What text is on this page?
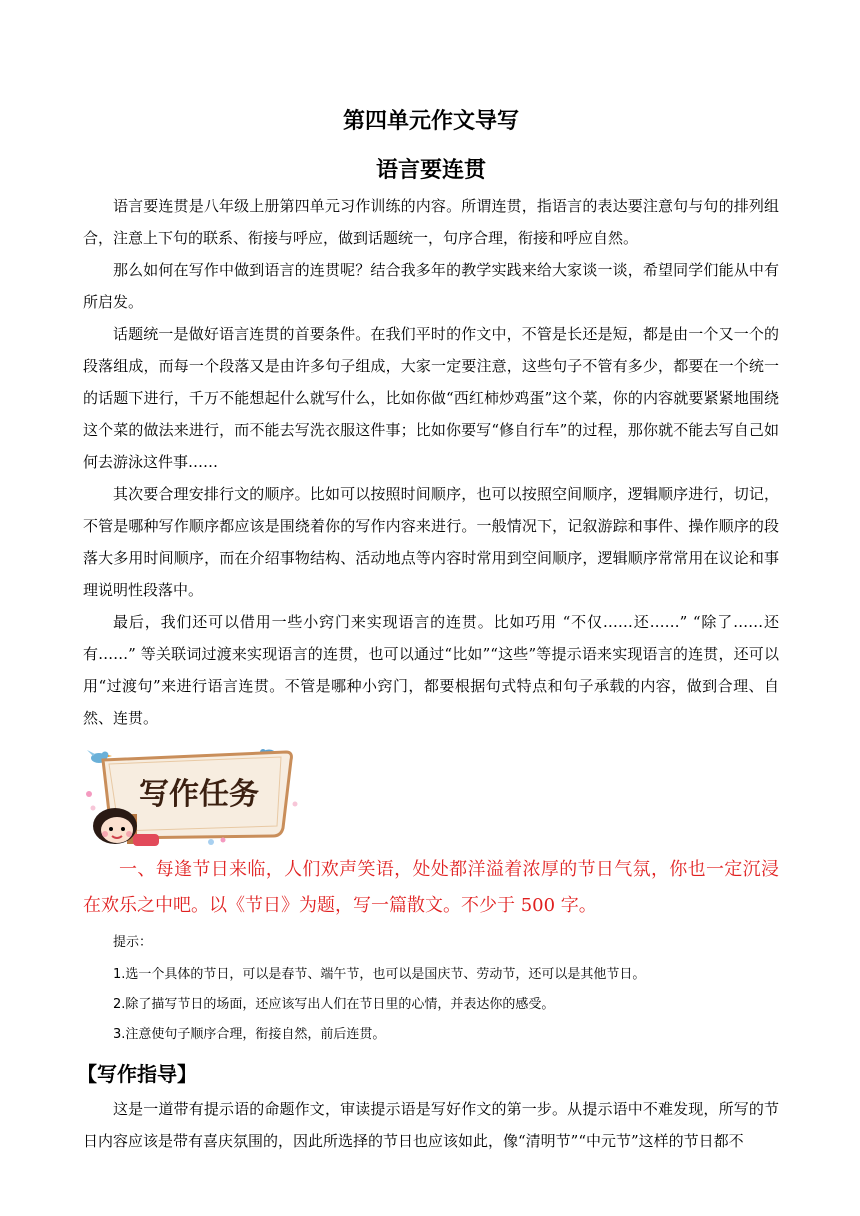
第四单元作文导写
语言要连贯

语言要连贯是八年级上册第四单元习作训练的内容。所谓连贯，指语言的表达要注意句与句的排列组合，注意上下句的联系、衔接与呼应，做到话题统一，句序合理，衔接和呼应自然。

那么如何在写作中做到语言的连贯呢？结合我多年的教学实践来给大家谈一谈，希望同学们能从中有所启发。

话题统一是做好语言连贯的首要条件。在我们平时的作文中，不管是长还是短，都是由一个又一个的段落组成，而每一个段落又是由许多句子组成，大家一定要注意，这些句子不管有多少，都要在一个统一的话题下进行，千万不能想起什么就写什么，比如你做“西红柿炒鸡蛋”这个菜，你的内容就要紧紧地围绕这个菜的做法来进行，而不能去写洗衣服这件事；比如你要写“修自行车”的过程，那你就不能去写自己如何去游泳这件事……

其次要合理安排行文的顺序。比如可以按照时间顺序，也可以按照空间顺序，逻辑顺序进行，切记，不管是哪种写作顺序都应该是围绕着你的写作内容来进行。一般情况下，记叙游踪和事件、操作顺序的段落大多用时间顺序，而在介绍事物结构、活动地点等内容时常用到空间顺序，逻辑顺序常常用在议论和事理说明性段落中。

最后，我们还可以借用一些小窍门来实现语言的连贯。比如巧用 “不仅……还……” “除了……还有……” 等关联词过渡来实现语言的连贯，也可以通过“比如”“这些”等提示语来实现语言的连贯，还可以用“过渡句”来进行语言连贯。不管是哪种小窍门，都要根据句式特点和句子承载的内容，做到合理、自然、连贯。

写作任务

一、每逢节日来临，人们欢声笑语，处处都洋溢着浓厚的节日气氛，你也一定沉浸在欢乐之中吧。以《节日》为题，写一篇散文。不少于 500 字。

提示：
1.选一个具体的节日，可以是春节、端午节，也可以是国庆节、劳动节，还可以是其他节日。
2.除了描写节日的场面，还应该写出人们在节日里的心情，并表达你的感受。
3.注意使句子顺序合理，衔接自然，前后连贯。
【写作指导】

这是一道带有提示语的命题作文，审读提示语是写好作文的第一步。从提示语中不难发现，所写的节日内容应该是带有喜庆氛围的，因此所选择的节日也应该如此，像“清明节”“中元节”这样的节日都不
